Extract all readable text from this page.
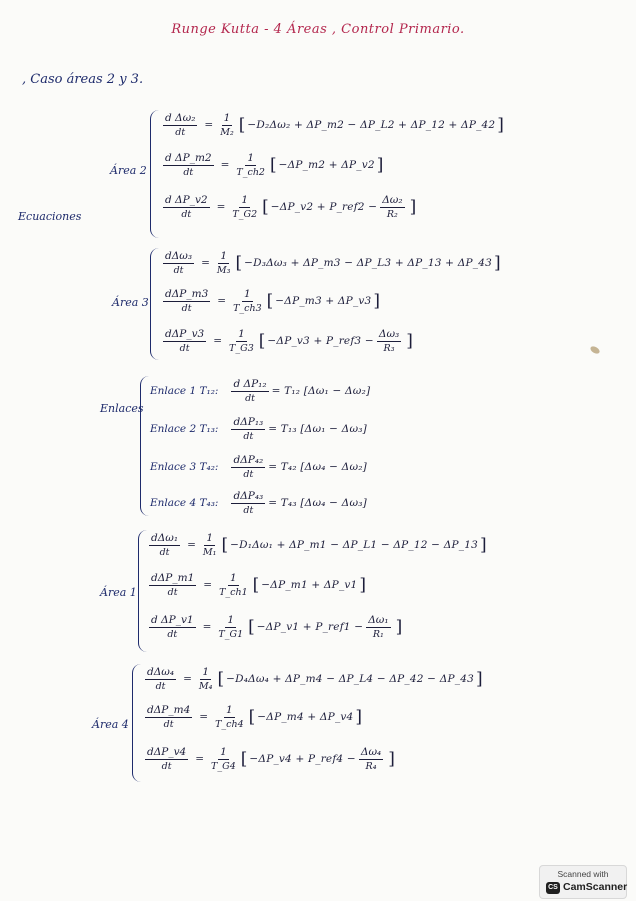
Runge Kutta - 4 Áreas , Control Primario.
, Caso áreas 2 y 3.
Ecuaciones
Área 2
$\frac{\text{d Δω₂}}{dt} = \frac{1}{\text{M₂}}$ [ −D₂Δω₂ + ΔP_m2 − ΔP_L2 + ΔP_12 + ΔP_42 ]
$\frac{\text{d ΔP\_m2}}{dt} = \frac{1}{T\_ch2}$ [ −ΔP_m2 + ΔP_v2 ]
$\frac{\text{d ΔP\_v2}}{dt} = \frac{1}{T\_G2}$ [ −ΔP_v2 + P_ref2 − $\frac{\text{Δω₂}}{\text{R₂}}$ ]
Área 3
$\frac{\text{dΔω₃}}{dt} = \frac{1}{\text{M₃}}$ [ −D₃Δω₃ + ΔP_m3 − ΔP_L3 + ΔP_13 + ΔP_43 ]
$\frac{\text{dΔP\_m3}}{dt} = \frac{1}{T\_ch3}$ [ −ΔP_m3 + ΔP_v3 ]
$\frac{\text{dΔP\_v3}}{dt} = \frac{1}{T\_G3}$ [ −ΔP_v3 + P_ref3 − $\frac{\text{Δω₃}}{\text{R₃}}$ ]
Enlaces
Enlace 1 T₁₂: $\frac{\text{d ΔP₁₂}}{dt} = T_{12}$ [Δω₁ − Δω₂]
Enlace 2 T₁₃: $\frac{\text{dΔP₁₃}}{dt} = T_{13}$ [Δω₁ − Δω₃]
Enlace 3 T₄₂: $\frac{\text{dΔP₄₂}}{dt} = T_{42}$ [Δω₄ − Δω₂]
Enlace 4 T₄₃: $\frac{\text{dΔP₄₃}}{dt} = T_{43}$ [Δω₄ − Δω₃]
Área 1
$\frac{\text{dΔω₁}}{dt} = \frac{1}{\text{M₁}}$ [ −D₁Δω₁ + ΔP_m1 − ΔP_L1 − ΔP_12 − ΔP_13 ]
$\frac{\text{dΔP\_m1}}{dt} = \frac{1}{T\_ch1}$ [ −ΔP_m1 + ΔP_v1 ]
$\frac{\text{d ΔP\_v1}}{dt} = \frac{1}{T\_G1}$ [ −ΔP_v1 + P_ref1 − $\frac{\text{Δω₁}}{\text{R₁}}$ ]
Área 4
$\frac{\text{dΔω₄}}{dt} = \frac{1}{\text{M₄}}$ [ −D₄Δω₄ + ΔP_m4 − ΔP_L4 − ΔP_42 − ΔP_43 ]
$\frac{\text{dΔP\_m4}}{dt} = \frac{1}{T\_ch4}$ [ −ΔP_m4 + ΔP_v4 ]
$\frac{\text{dΔP\_v4}}{dt} = \frac{1}{T\_G4}$ [ −ΔP_v4 + P_ref4 − $\frac{\text{Δω₄}}{\text{R₄}}$ ]
Scanned with
CS CamScanner
